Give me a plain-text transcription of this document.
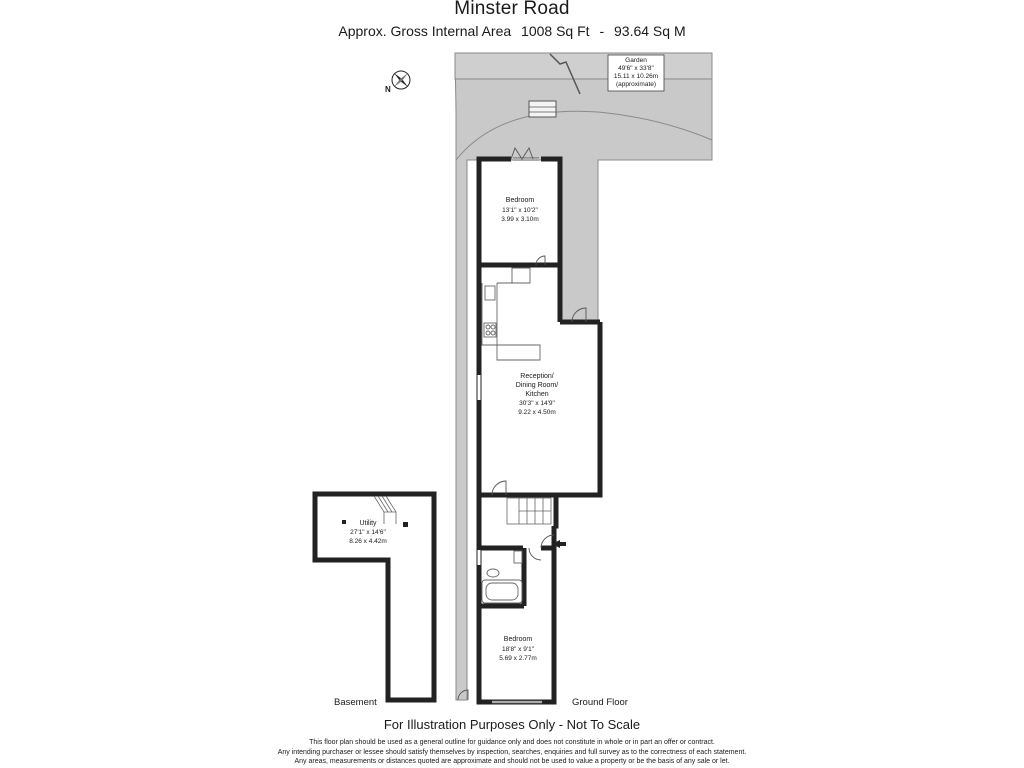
Minster Road
Approx. Gross Internal Area 1008 Sq Ft - 93.64 Sq M
Garden
49'6" x 33'8"
15.11 x 10.26m
(approximate)
N
Bedroom
13'1" x 10'2"
3.99 x 3.10m
Reception/
Dining Room/
Kitchen
30'3" x 14'9"
9.22 x 4.50m
Bedroom
18'8" x 9'1"
5.69 x 2.77m
Utility
27'1" x 14'6"
8.26 x 4.42m
Basement	Ground Floor
For Illustration Purposes Only - Not To Scale
This floor plan should be used as a general outline for guidance only and does not constitute in whole or in part an offer or contract.
Any intending purchaser or lessee should satisfy themselves by inspection, searches, enquiries and full survey as to the correctness of each statement.
Any areas, measurements or distances quoted are approximate and should not be used to value a property or be the basis of any sale or let.
